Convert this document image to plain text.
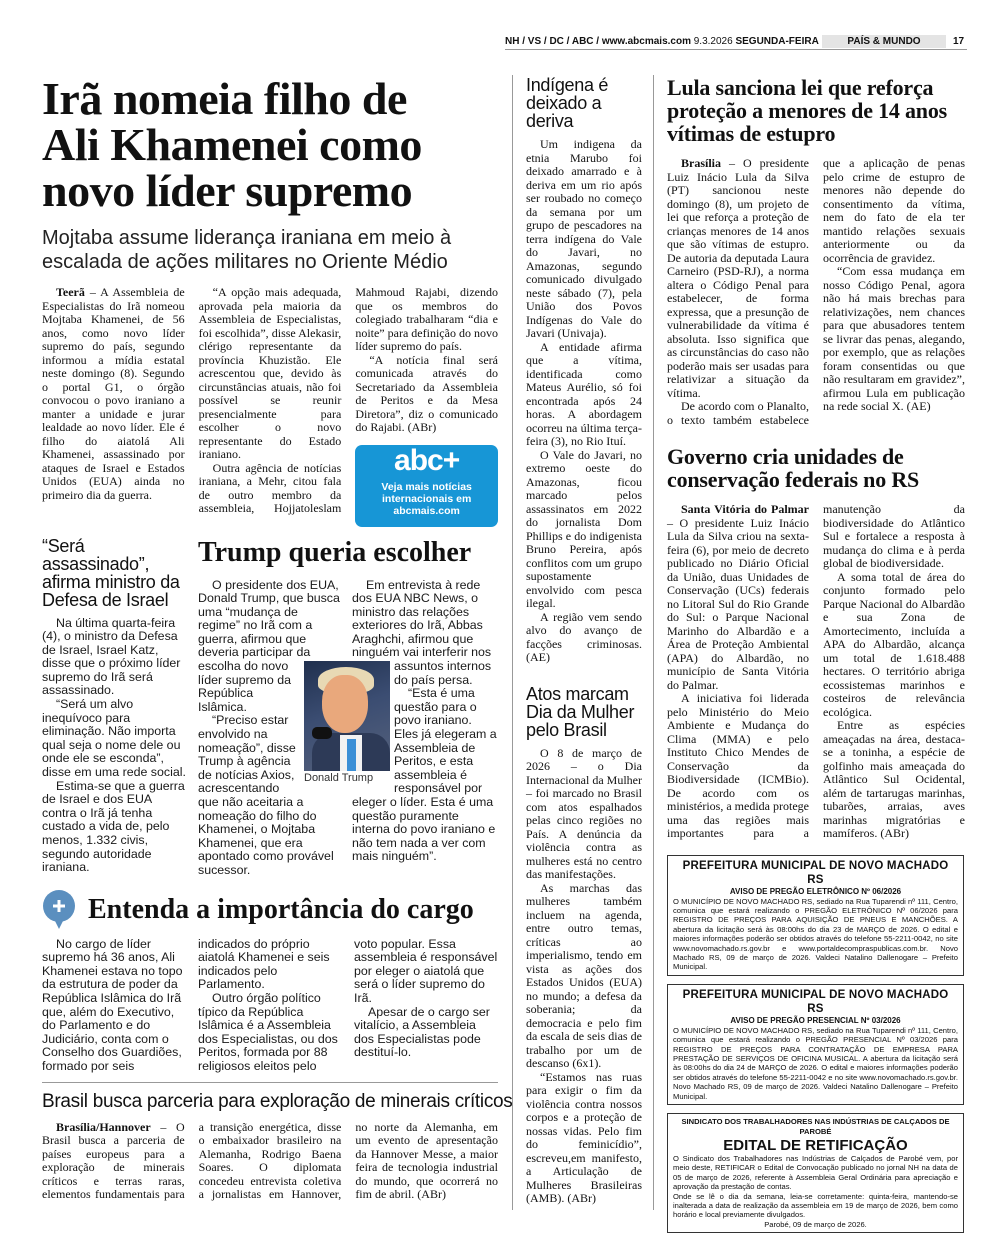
NH / VS / DC / ABC / www.abcmais.com 9.3.2026 SEGUNDA-FEIRA	PAÍS & MUNDO	17
Irã nomeia filho de
Ali Khamenei como
novo líder supremo
Mojtaba assume liderança iraniana em meio à escalada de ações militares no Oriente Médio

Teerã – A Assembleia de Especialistas do Irã nomeou Mojtaba Khamenei, de 56 anos, como novo líder supremo do país, segundo informou a mídia estatal neste domingo (8). Segundo o portal G1, o órgão convocou o povo iraniano a manter a unidade e jurar lealdade ao novo líder. Ele é filho do aiatolá Ali Khamenei, assassinado por ataques de Israel e Estados Unidos (EUA) ainda no primeiro dia da guerra.

“A opção mais adequada, aprovada pela maioria da Assembleia de Especialistas, foi escolhida”, disse Alekasir, clérigo representante da província Khuzistão. Ele acrescentou que, devido às circunstâncias atuais, não foi possível se reunir presencialmente para escolher o novo representante do Estado iraniano.

Outra agência de notícias iraniana, a Mehr, citou fala de outro membro da assembleia, Hojjatoleslam Mahmoud Rajabi, dizendo que os membros do colegiado trabalharam “dia e noite” para definição do novo líder supremo do país.

“A notícia final será comunicada através do Secretariado da Assembleia de Peritos e da Mesa Diretora”, diz o comunicado do Rajabi. (ABr)

abc+
Veja mais notícias internacionais em abcmais.com
“Será assassinado”, afirma ministro da Defesa de Israel

Na última quarta-feira (4), o ministro da Defesa de Israel, Israel Katz, disse que o próximo líder supremo do Irã será assassinado.

“Será um alvo inequívoco para eliminação. Não importa qual seja o nome dele ou onde ele se esconda”, disse em uma rede social.

Estima-se que a guerra de Israel e dos EUA contra o Irã já tenha custado a vida de, pelo menos, 1.332 civis, segundo autoridade iraniana.

Trump queria escolher

O presidente dos EUA, Donald Trump, que busca uma “mudança de regime” no Irã com a guerra, afirmou que deveria participar da escolha do novo líder supremo da República Islâmica.

“Preciso estar envolvido na nomeação”, disse Trump à agência de notícias Axios, acrescentando que não aceitaria a nomeação do filho do Khamenei, o Mojtaba Khamenei, que era apontado como provável sucessor.

Em entrevista à rede dos EUA NBC News, o ministro das relações exteriores do Irã, Abbas Araghchi, afirmou que ninguém vai interferir nos assuntos internos do país persa.

“Esta é uma questão para o povo iraniano. Eles já elegeram a Assembleia de Peritos, e esta assembleia é responsável por eleger o líder. Esta é uma questão puramente interna do povo iraniano e não tem nada a ver com mais ninguém”.

Donald Trump
Entenda a importância do cargo

No cargo de líder supremo há 36 anos, Ali Khamenei estava no topo da estrutura de poder da República Islâmica do Irã que, além do Executivo, do Parlamento e do Judiciário, conta com o Conselho dos Guardiões, formado por seis indicados do próprio aiatolá Khamenei e seis indicados pelo Parlamento.

Outro órgão político típico da República Islâmica é a Assembleia dos Especialistas, ou dos Peritos, formada por 88 religiosos eleitos pelo voto popular. Essa assembleia é responsável por eleger o aiatolá que será o líder supremo do Irã.

Apesar de o cargo ser vitalício, a Assembleia dos Especialistas pode destituí-lo.

Brasil busca parceria para exploração de minerais críticos

Brasília/Hannover – O Brasil busca a parceria de países europeus para a exploração de minerais críticos e terras raras, elementos fundamentais para a transição energética, disse o embaixador brasileiro na Alemanha, Rodrigo Baena Soares. O diplomata concedeu entrevista coletiva a jornalistas em Hannover, no norte da Alemanha, em um evento de apresentação da Hannover Messe, a maior feira de tecnologia industrial do mundo, que ocorrerá no fim de abril. (ABr)

Indígena é deixado a deriva

Um indigena da etnia Marubo foi deixado amarrado e à deriva em um rio após ser roubado no começo da semana por um grupo de pescadores na terra indígena do Vale do Javari, no Amazonas, segundo comunicado divulgado neste sábado (7), pela União dos Povos Indígenas do Vale do Javari (Univaja).

A entidade afirma que a vítima, identificada como Mateus Aurélio, só foi encontrada após 24 horas. A abordagem ocorreu na última terça-feira (3), no Rio Ituí.

O Vale do Javari, no extremo oeste do Amazonas, ficou marcado pelos assassinatos em 2022 do jornalista Dom Phillips e do indigenista Bruno Pereira, após conflitos com um grupo supostamente envolvido com pesca ilegal.

A região vem sendo alvo do avanço de facções criminosas. (AE)

Atos marcam Dia da Mulher pelo Brasil

O 8 de março de 2026 – o Dia Internacional da Mulher – foi marcado no Brasil com atos espalhados pelas cinco regiões no País. A denúncia da violência contra as mulheres está no centro das manifestações.

As marchas das mulheres também incluem na agenda, entre outro temas, críticas ao imperialismo, tendo em vista as ações dos Estados Unidos (EUA) no mundo; a defesa da soberania; da democracia e pelo fim da escala de seis dias de trabalho por um de descanso (6x1).

“Estamos nas ruas para exigir o fim da violência contra nossos corpos e a proteção de nossas vidas. Pelo fim do feminicídio”, escreveu,em manifesto, a Articulação de Mulheres Brasileiras (AMB). (ABr)

Lula sanciona lei que reforça proteção a menores de 14 anos vítimas de estupro

Brasília – O presidente Luiz Inácio Lula da Silva (PT) sancionou neste domingo (8), um projeto de lei que reforça a proteção de crianças menores de 14 anos que são vítimas de estupro. De autoria da deputada Laura Carneiro (PSD-RJ), a norma altera o Código Penal para estabelecer, de forma expressa, que a presunção de vulnerabilidade da vítima é absoluta. Isso significa que as circunstâncias do caso não poderão mais ser usadas para relativizar a situação da vítima.

De acordo com o Planalto, o texto também estabelece que a aplicação de penas pelo crime de estupro de menores não depende do consentimento da vítima, nem do fato de ela ter mantido relações sexuais anteriormente ou da ocorrência de gravidez.

“Com essa mudança em nosso Código Penal, agora não há mais brechas para relativizações, nem chances para que abusadores tentem se livrar das penas, alegando, por exemplo, que as relações foram consentidas ou que não resultaram em gravidez”, afirmou Lula em publicação na rede social X. (AE)

Governo cria unidades de conservação federais no RS

Santa Vitória do Palmar – O presidente Luiz Inácio Lula da Silva criou na sexta-feira (6), por meio de decreto publicado no Diário Oficial da União, duas Unidades de Conservação (UCs) federais no Litoral Sul do Rio Grande do Sul: o Parque Nacional Marinho do Albardão e a Área de Proteção Ambiental (APA) do Albardão, no município de Santa Vitória do Palmar.

A iniciativa foi liderada pelo Ministério do Meio Ambiente e Mudança do Clima (MMA) e pelo Instituto Chico Mendes de Conservação da Biodiversidade (ICMBio). De acordo com os ministérios, a medida protege uma das regiões mais importantes para a manutenção da biodiversidade do Atlântico Sul e fortalece a resposta à mudança do clima e à perda global de biodiversidade.

A soma total de área do conjunto formado pelo Parque Nacional do Albardão e sua Zona de Amortecimento, incluída a APA do Albardão, alcança um total de 1.618.488 hectares. O território abriga ecossistemas marinhos e costeiros de relevância ecológica.

Entre as espécies ameaçadas na área, destaca-se a toninha, a espécie de golfinho mais ameaçada do Atlântico Sul Ocidental, além de tartarugas marinhas, tubarões, arraias, aves marinhas migratórias e mamíferos. (ABr)

PREFEITURA MUNICIPAL DE NOVO MACHADO RS
AVISO DE PREGÃO ELETRÔNICO Nº 06/2026
O MUNICÍPIO DE NOVO MACHADO RS, sediado na Rua Tuparendi nº 111, Centro, comunica que estará realizando o PREGÃO ELETRÔNICO Nº 06/2026 para REGISTRO DE PREÇOS PARA AQUISIÇÃO DE PNEUS E MANCHÕES. A abertura da licitação será às 08:00hs do dia 23 de MARÇO de 2026. O edital e maiores informações poderão ser obtidos através do telefone 55-2211-0042, no site www.novomachado.rs.gov.br e www.portaldecompraspublicas.com.br. Novo Machado RS, 09 de março de 2026. Valdeci Natalino Dallenogare – Prefeito Municipal.
PREFEITURA MUNICIPAL DE NOVO MACHADO RS
AVISO DE PREGÃO PRESENCIAL Nº 03/2026
O MUNICÍPIO DE NOVO MACHADO RS, sediado na Rua Tuparendi nº 111, Centro, comunica que estará realizando o PREGÃO PRESENCIAL Nº 03/2026 para REGISTRO DE PREÇOS PARA CONTRATAÇÃO DE EMPRESA PARA PRESTAÇÃO DE SERVIÇOS DE OFICINA MUSICAL. A abertura da licitação será às 08:00hs do dia 24 de MARÇO de 2026. O edital e maiores informações poderão ser obtidos através do telefone 55-2211-0042 e no site www.novomachado.rs.gov.br. Novo Machado RS, 09 de março de 2026. Valdeci Natalino Dallenogare – Prefeito Municipal.
SINDICATO DOS TRABALHADORES NAS INDÚSTRIAS DE CALÇADOS DE PAROBÉ
EDITAL DE RETIFICAÇÃO
O Sindicato dos Trabalhadores nas Indústrias de Calçados de Parobé vem, por meio deste, RETIFICAR o Edital de Convocação publicado no jornal NH na data de 05 de março de 2026, referente à Assembleia Geral Ordinária para apreciação e aprovação da prestação de contas.
Onde se lê o dia da semana, leia-se corretamente: quinta-feira, mantendo-se inalterada a data de realização da assembleia em 19 de março de 2026, bem como horário e local previamente divulgados.
Parobé, 09 de março de 2026.
